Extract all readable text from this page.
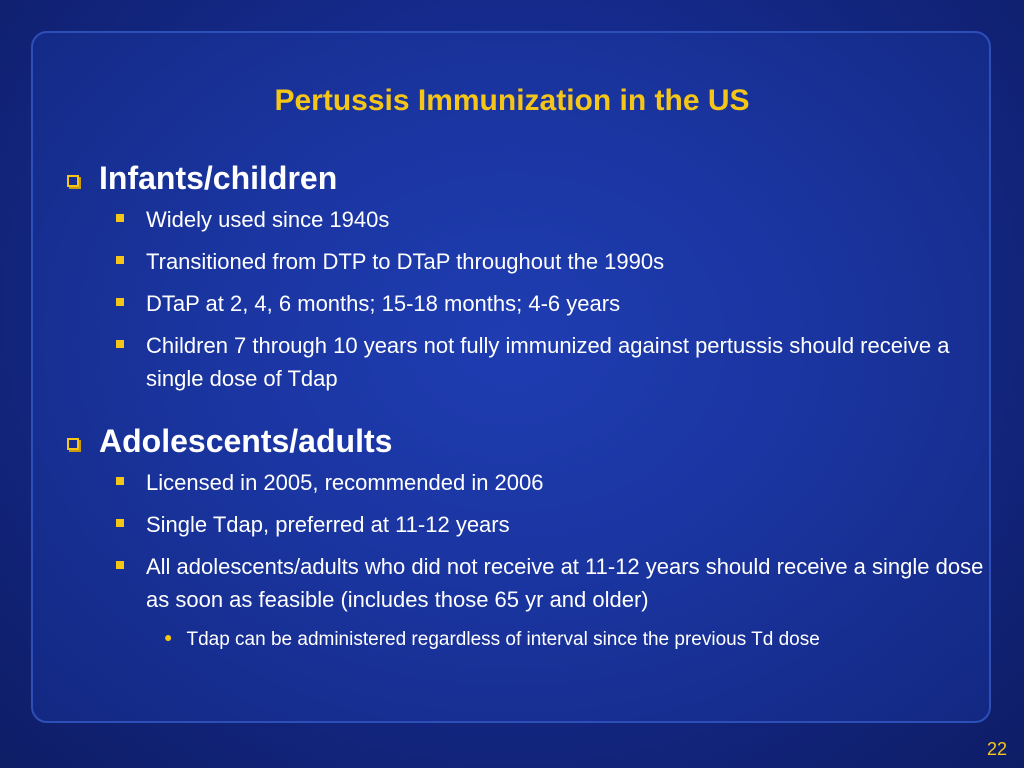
Pertussis Immunization in the US
Infants/children
Widely used since 1940s
Transitioned from DTP to DTaP throughout the 1990s
DTaP at 2, 4, 6 months; 15-18 months; 4-6 years
Children 7 through 10 years not fully immunized against pertussis should receive a single dose of Tdap
Adolescents/adults
Licensed in 2005, recommended in 2006
Single Tdap, preferred at 11-12 years
All adolescents/adults who did not receive at 11-12 years should receive a single dose as soon as feasible (includes those 65 yr and older)
● Tdap can be administered regardless of interval since the previous Td dose
22
